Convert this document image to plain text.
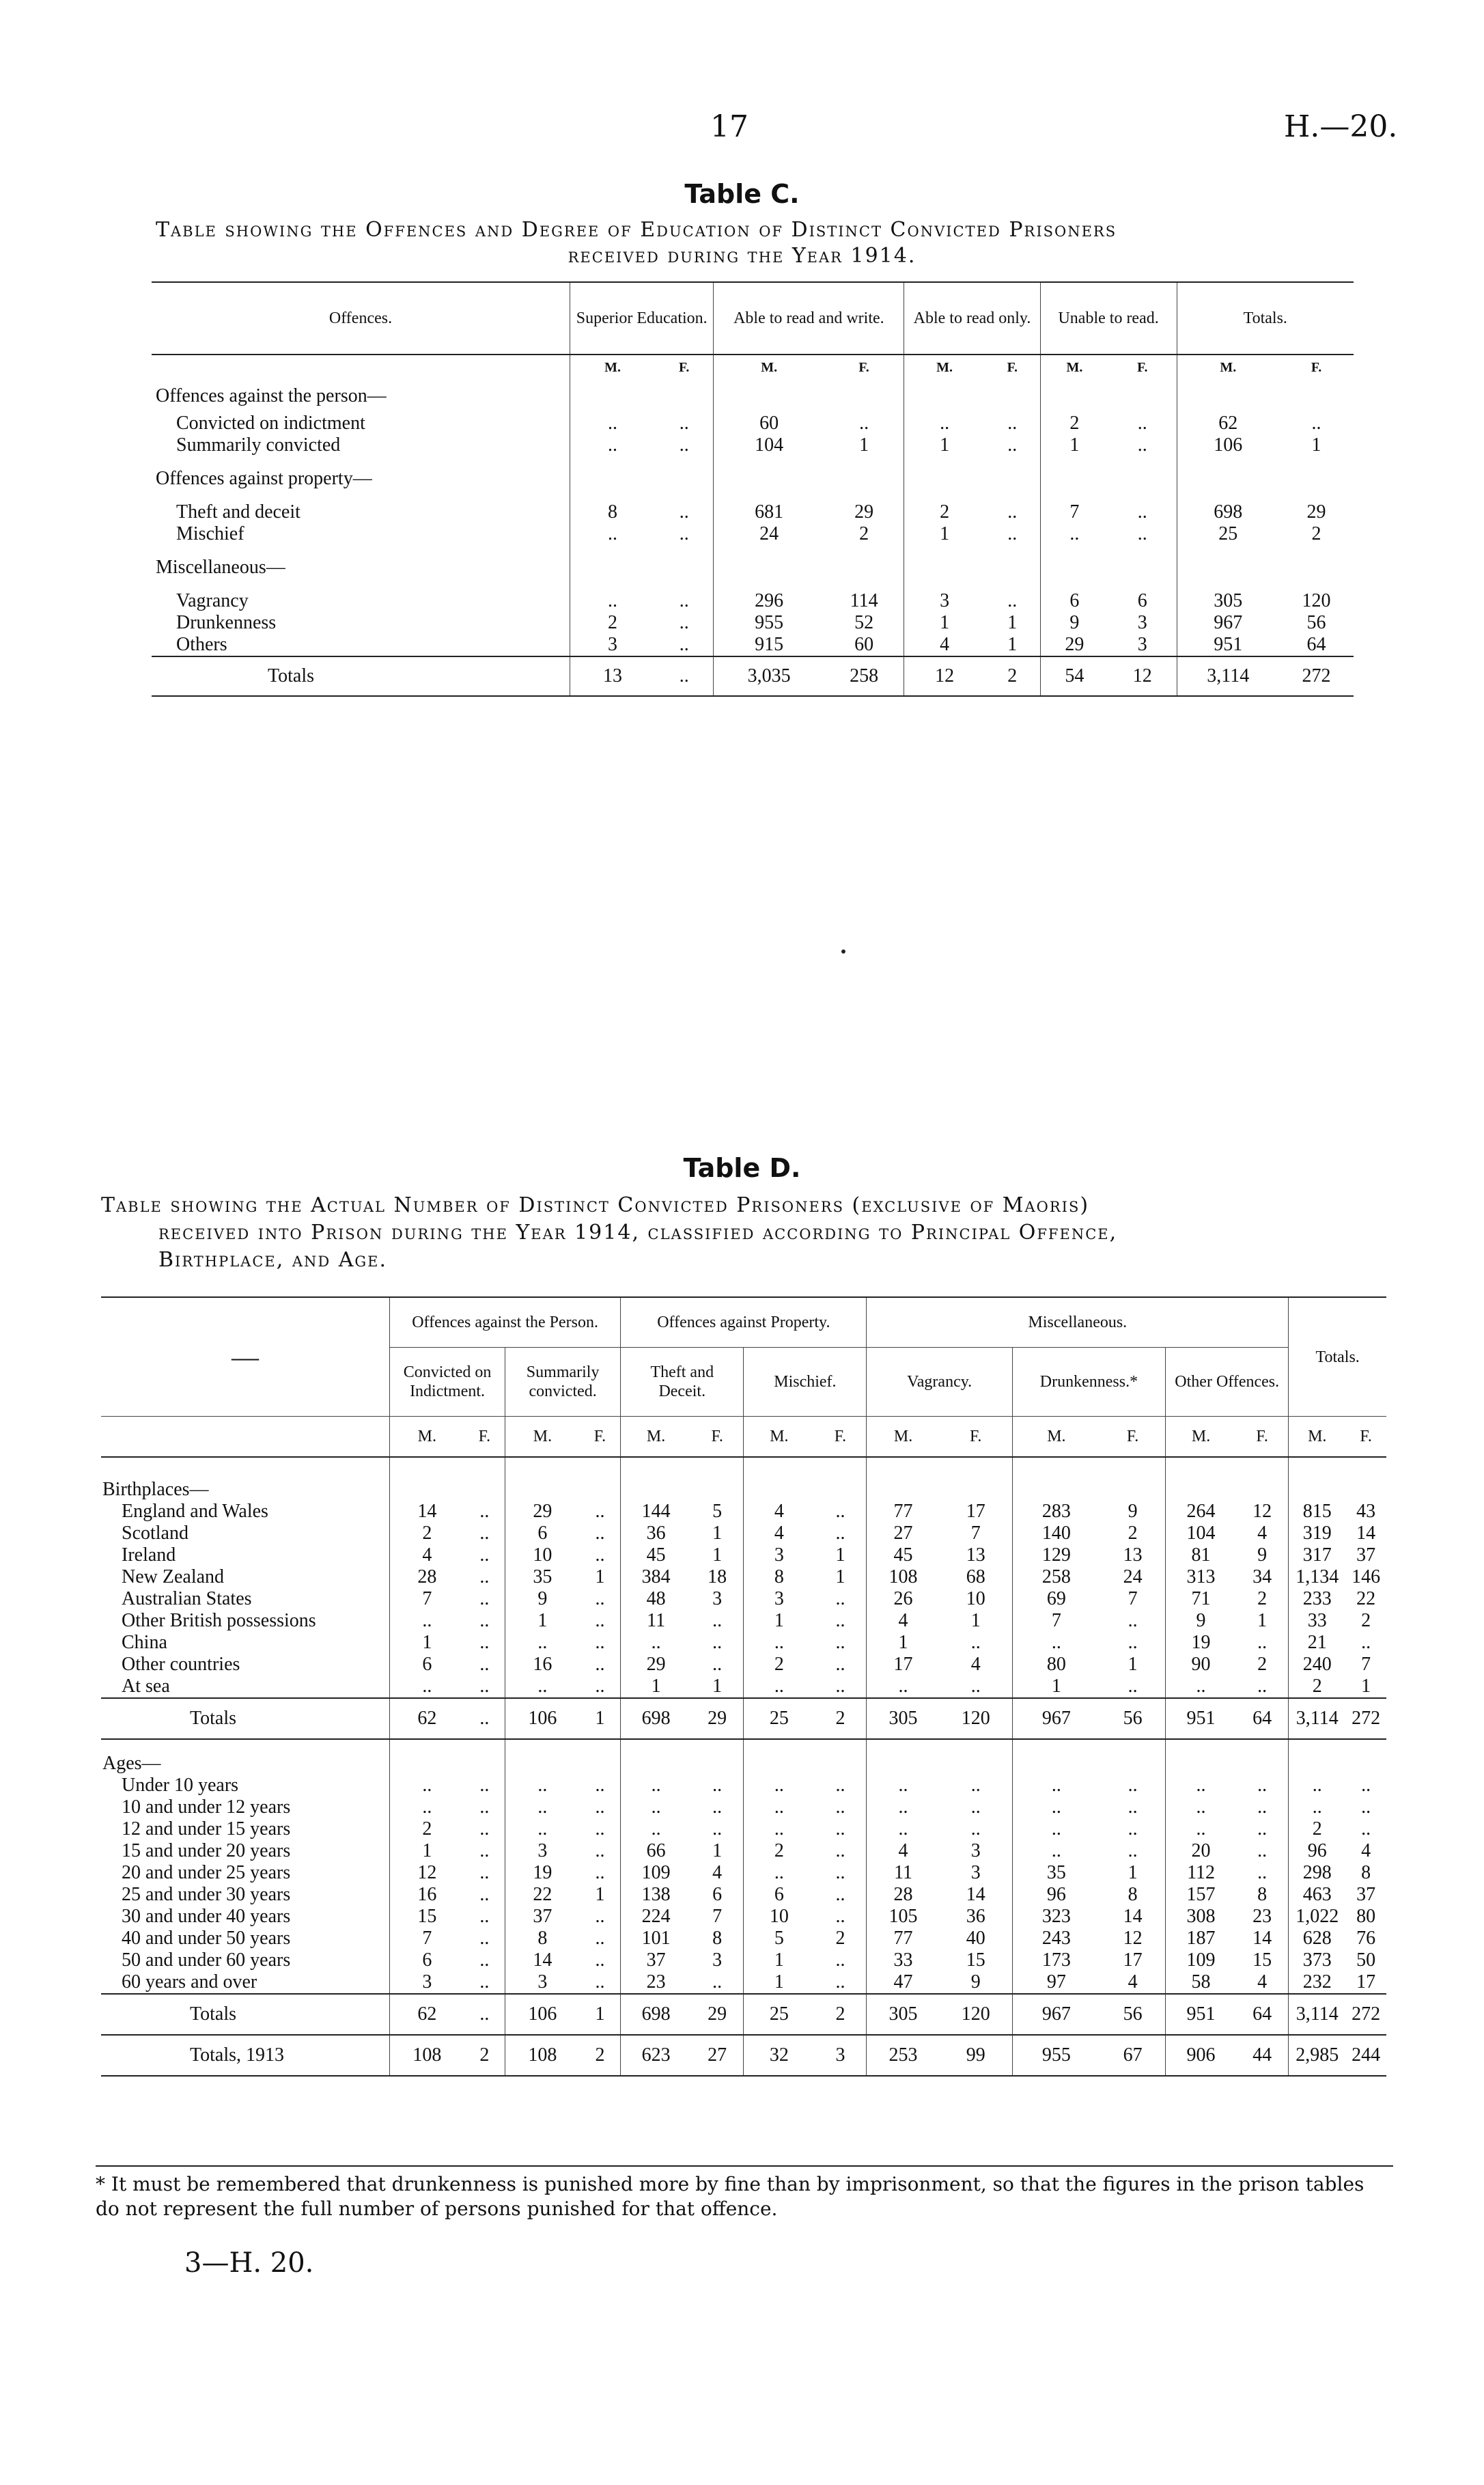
17	H.—20.
Table C.
Table showing the Offences and Degree of Education of Distinct Convicted Prisoners
received during the Year 1914.
Offences.	Superior Education.		Able to read and write.		Able to read only.		Unable to read.		Totals.	
	M.	F.	M.	F.	M.	F.	M.	F.	M.	F.
Offences against the person—										
Convicted on indictment	..	..	60	..	..	..	2	..	62	..
Summarily convicted	..	..	104	1	1	..	1	..	106	1
Offences against property—										
Theft and deceit	8	..	681	29	2	..	7	..	698	29
Mischief	..	..	24	2	1	..	..	..	25	2
Miscellaneous—										
Vagrancy	..	..	296	114	3	..	6	6	305	120
Drunkenness	2	..	955	52	1	1	9	3	967	56
Others	3	..	915	60	4	1	29	3	951	64
Totals	13	..	3,035	258	12	2	54	12	3,114	272
Table D.
Table showing the Actual Number of Distinct Convicted Prisoners (exclusive of Maoris)
received into Prison during the Year 1914, classified according to Principal Offence,
Birthplace, and Age.
—	Offences against the Person.				Offences against Property.				Miscellaneous.						Totals.	
	Convicted on Indictment.		Summarily convicted.		Theft and Deceit.		Mischief.		Vagrancy.		Drunkenness.*		Other Offences.			
	M.	F.	M.	F.	M.	F.	M.	F.	M.	F.	M.	F.	M.	F.	M.	F.
Birthplaces—																
England and Wales	14	..	29	..	144	5	4	..	77	17	283	9	264	12	815	43
Scotland	2	..	6	..	36	1	4	..	27	7	140	2	104	4	319	14
Ireland	4	..	10	..	45	1	3	1	45	13	129	13	81	9	317	37
New Zealand	28	..	35	1	384	18	8	1	108	68	258	24	313	34	1,134	146
Australian States	7	..	9	..	48	3	3	..	26	10	69	7	71	2	233	22
Other British possessions	..	..	1	..	11	..	1	..	4	1	7	..	9	1	33	2
China	1	..	..	..	..	..	..	..	1	..	..	..	19	..	21	..
Other countries	6	..	16	..	29	..	2	..	17	4	80	1	90	2	240	7
At sea	..	..	..	..	1	1	..	..	..	..	1	..	..	..	2	1
Totals	62	..	106	1	698	29	25	2	305	120	967	56	951	64	3,114	272
Ages—																
Under 10 years	..	..	..	..	..	..	..	..	..	..	..	..	..	..	..	..
10 and under 12 years	..	..	..	..	..	..	..	..	..	..	..	..	..	..	..	..
12 and under 15 years	2	..	..	..	..	..	..	..	..	..	..	..	..	..	2	..
15 and under 20 years	1	..	3	..	66	1	2	..	4	3	..	..	20	..	96	4
20 and under 25 years	12	..	19	..	109	4	..	..	11	3	35	1	112	..	298	8
25 and under 30 years	16	..	22	1	138	6	6	..	28	14	96	8	157	8	463	37
30 and under 40 years	15	..	37	..	224	7	10	..	105	36	323	14	308	23	1,022	80
40 and under 50 years	7	..	8	..	101	8	5	2	77	40	243	12	187	14	628	76
50 and under 60 years	6	..	14	..	37	3	1	..	33	15	173	17	109	15	373	50
60 years and over	3	..	3	..	23	..	1	..	47	9	97	4	58	4	232	17
Totals	62	..	106	1	698	29	25	2	305	120	967	56	951	64	3,114	272
Totals, 1913	108	2	108	2	623	27	32	3	253	99	955	67	906	44	2,985	244
* It must be remembered that drunkenness is punished more by fine than by imprisonment, so that the figures in the prison tables do not represent the full number of persons punished for that offence.
3—H. 20.
